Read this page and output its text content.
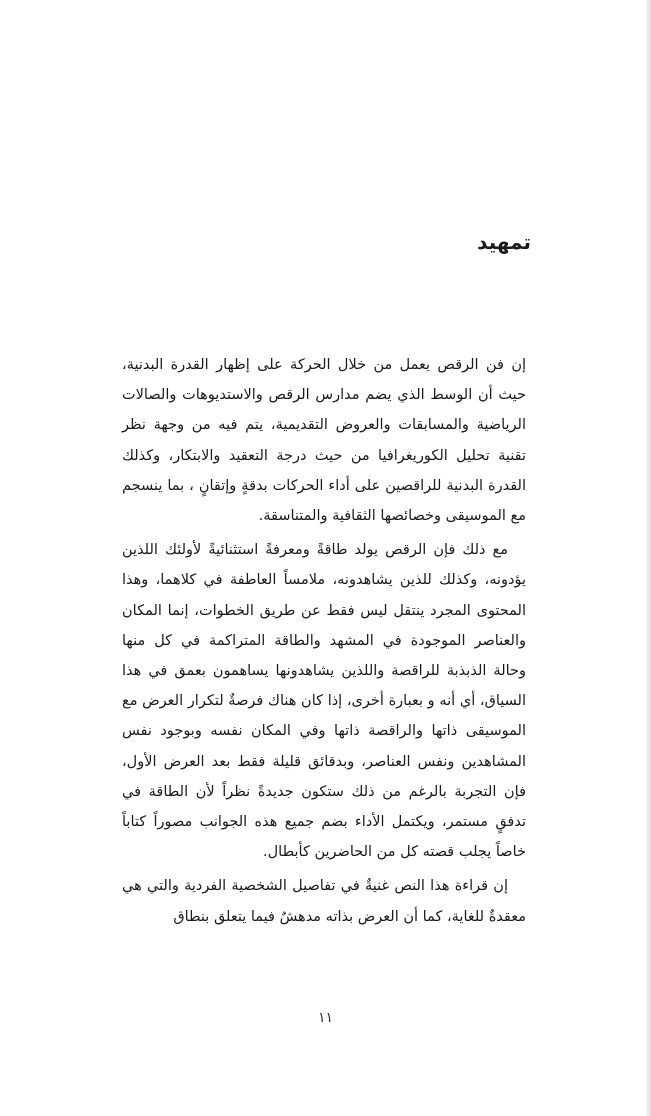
تمهيد

إن فن الرقص يعمل من خلال الحركة على إظهار القدرة البدنية، حيث أن الوسط الذي يضم مدارس الرقص والاستديوهات والصالات الرياضية والمسابقات والعروض التقديمية، يتم فيه من وجهة نظر تقنية تحليل الكوريغرافيا من حيث درجة التعقيد والابتكار، وكذلك القدرة البدنية للراقصين على أداء الحركات بدقةٍ وإتقانٍ ، بما ينسجم مع الموسيقى وخصائصها الثقافية والمتناسقة.

مع ذلك فإن الرقص يولد طاقةً ومعرفةً استثنائيةً لأولئك اللذين يؤدونه، وكذلك للذين يشاهدونه، ملامساً العاطفة في كلاهما، وهذا المحتوى المجرد ينتقل ليس فقط عن طريق الخطوات، إنما المكان والعناصر الموجودة في المشهد والطاقة المتراكمة في كل منها وحالة الذبذبة للراقصة واللذين يشاهدونها يساهمون بعمق في هذا السياق، أي أنه و بعبارة أخرى، إذا كان هناك فرصةٌ لتكرار العرض مع الموسيقى ذاتها والراقصة ذاتها وفي المكان نفسه وبوجود نفس المشاهدين ونفس العناصر، وبدقائق قليلة فقط بعد العرض الأول، فإن التجربة بالرغم من ذلك ستكون جديدةً نظراً لأن الطاقة في تدفقٍ مستمر، ويكتمل الأداء بضم جميع هذه الجوانب مصوراً كتاباً خاصاً يجلب قصته كل من الحاضرين كأبطال.

إن قراءة هذا النص غنيةٌ في تفاصيل الشخصية الفردية والتي هي معقدةٌ للغاية، كما أن العرض بذاته مدهشٌ فيما يتعلق بنطاق

١١
